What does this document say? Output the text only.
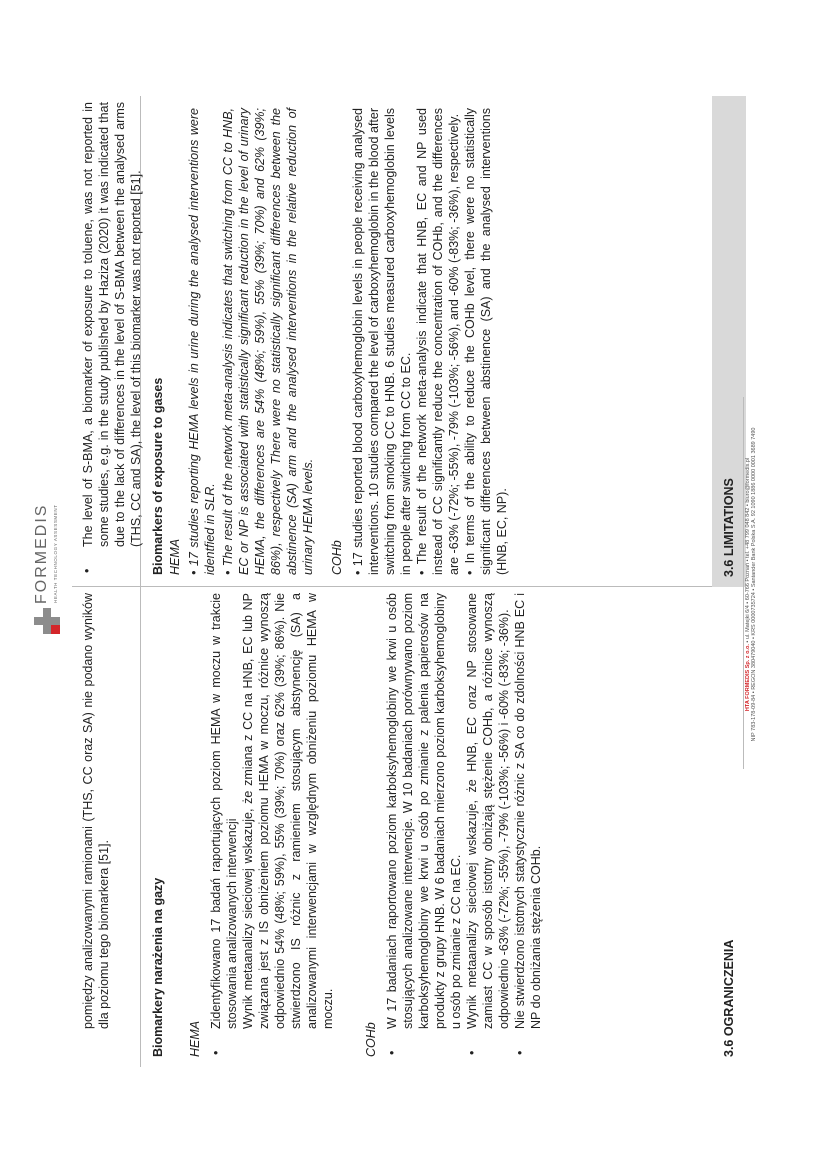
FORMEDIS HEALTH TECHNOLOGY ASSESSMENT
pomiędzy analizowanymi ramionami (THS, CC oraz SA) nie podano wyników dla poziomu tego biomarkera [51].	Biomarkery narażenia na gazy HEMA •
Zidentyfikowano 17 badań raportujących poziom HEMA w moczu w trakcie stosowania analizowanych interwencji Wynik metaanalizy sieciowej wskazuje, że zmiana z CC na HNB, EC lub NP związana jest z IS obniżeniem poziomu HEMA w moczu, różnice wynoszą odpowiednio 54% (48%; 59%), 55% (39%; 70%) oraz 62% (39%; 86%). Nie stwierdzono IS różnic z ramieniem stosującym abstynencję (SA) a analizowanymi interwencjami w względnym obniżeniu poziomu HEMA w moczu.
COHb •
W 17 badaniach raportowano poziom karboksyhemoglobiny we krwi u osób stosujących analizowane interwencje. W 10 badaniach porównywano poziom karboksyhemoglobiny we krwi u osób po zmianie z palenia papierosów na produkty z grupy HNB. W 6 badaniach mierzono poziom karboksyhemoglobiny u osób po zmianie z CC na EC.
•
Wynik metaanalizy sieciowej wskazuje, że HNB, EC oraz NP stosowane zamiast CC w sposób istotny obniżają stężenie COHb, a różnice wynoszą odpowiednio -63% (-72%; -55%), -79% (-103%; -56%) i -60% (-83%; -36%).
•
Nie stwierdzono istotnych statystycznie różnic z SA co do zdolności HNB EC i NP do obniżania stężenia COHb.
•
The level of S-BMA, a biomarker of exposure to toluene, was not reported in some studies, e.g. in the study published by Haziza (2020) it was indicated that due to the lack of differences in the level of S-BMA between the analysed arms (THS, CC and SA), the level of this biomarker was not reported [51]. Biomarkers of exposure to gases HEMA • 17 studies reporting HEMA levels in urine during the analysed interventions were identfied in SLR. • The result of the network meta-analysis indicates that switching from CC to HNB, EC or NP is associated with statistically significant reduction in the level of urinary HEMA, the differences are 54% (48%; 59%), 55% (39%; 70%) and 62% (39%; 86%), respectively There were no statistically significant differences between the abstinence (SA) arm and the analysed interventions in the relative reduction of urinary HEMA levels. COHb • 17 studies reported blood carboxyhemoglobin levels in people receiving analysed interventions. 10 studies compared the level of carboxyhemoglobin in the blood after switching from smoking CC to HNB. 6 studies measured carboxyhemoglobin levels in people after switching from CC to EC. • The result of the network meta-analysis indicate that HNB, EC and NP used instead of CC significantly reduce the concentration of COHb, and the differences are -63% (-72%; -55%), -79% (-103%; -56%), and -60% (-83%; -36%), respectively. • In terms of the ability to reduce the COHb level, there were no statistically significant differences between abstinence (SA) and the analysed interventions (HNB, EC, NP).
3.6 OGRANICZENIA
3.6 LIMITATIONS
HTA FORMEDIS Sp. z o.o. • ul. Matejki 6/4 • 60-766 Poznań • tel. +48 799 048 842 • biuro@formedis.pl NIP 783-178-09-84 • REGON 380479040 • KRS 0000735724 • Santander Bank Polska S.A. 92 1090 1886 0000 0001 3689 7490
